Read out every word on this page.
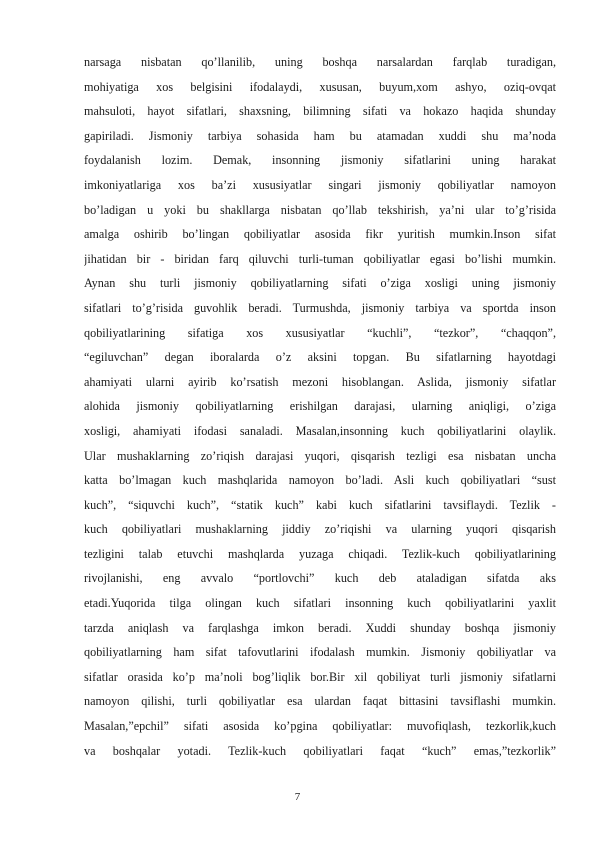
narsaga nisbatan qo’llanilib, uning boshqa narsalardan farqlab turadigan,
mohiyatiga xos belgisini ifodalaydi, xususan, buyum,xom ashyo, oziq-ovqat
mahsuloti, hayot sifatlari, shaxsning, bilimning sifati va hokazo haqida shunday
gapiriladi. Jismoniy tarbiya sohasida ham bu atamadan xuddi shu ma’noda
foydalanish lozim. Demak, insonning jismoniy sifatlarini uning harakat
imkoniyatlariga xos ba’zi xususiyatlar singari jismoniy qobiliyatlar namoyon
bo’ladigan u yoki bu shakllarga nisbatan qo’llab tekshirish, ya’ni ular to’g’risida
amalga oshirib bo’lingan qobiliyatlar asosida fikr yuritish mumkin.Inson sifat
jihatidan bir - biridan farq qiluvchi turli-tuman qobiliyatlar egasi bo’lishi mumkin.
Aynan shu turli jismoniy qobiliyatlarning sifati o’ziga xosligi uning jismoniy
sifatlari to’g’risida guvohlik beradi. Turmushda, jismoniy tarbiya va sportda inson
qobiliyatlarining sifatiga xos xususiyatlar “kuchli”, “tezkor”, “chaqqon”,
“egiluvchan” degan iboralarda o’z aksini topgan. Bu sifatlarning hayotdagi
ahamiyati ularni ayirib ko’rsatish mezoni hisoblangan. Aslida, jismoniy sifatlar
alohida jismoniy qobiliyatlarning erishilgan darajasi, ularning aniqligi, o’ziga
xosligi, ahamiyati ifodasi sanaladi. Masalan,insonning kuch qobiliyatlarini olaylik.
Ular mushaklarning zo’riqish darajasi yuqori, qisqarish tezligi esa nisbatan uncha
katta bo’lmagan kuch mashqlarida namoyon bo’ladi. Asli kuch qobiliyatlari “sust
kuch”, “siquvchi kuch”, “statik kuch” kabi kuch sifatlarini tavsiflaydi. Tezlik -
kuch qobiliyatlari mushaklarning jiddiy zo’riqishi va ularning yuqori qisqarish
tezligini talab etuvchi mashqlarda yuzaga chiqadi. Tezlik-kuch qobiliyatlarining
rivojlanishi, eng avvalo “portlovchi” kuch deb ataladigan sifatda aks
etadi.Yuqorida tilga olingan kuch sifatlari insonning kuch qobiliyatlarini yaxlit
tarzda aniqlash va farqlashga imkon beradi. Xuddi shunday boshqa jismoniy
qobiliyatlarning ham sifat tafovutlarini ifodalash mumkin. Jismoniy qobiliyatlar va
sifatlar orasida ko’p ma’noli bog’liqlik bor.Bir xil qobiliyat turli jismoniy sifatlarni
namoyon qilishi, turli qobiliyatlar esa ulardan faqat bittasini tavsiflashi mumkin.
Masalan,”epchil” sifati asosida ko’pgina qobiliyatlar: muvofiqlash, tezkorlik,kuch
va boshqalar yotadi. Tezlik-kuch qobiliyatlari faqat “kuch” emas,”tezkorlik”
7
